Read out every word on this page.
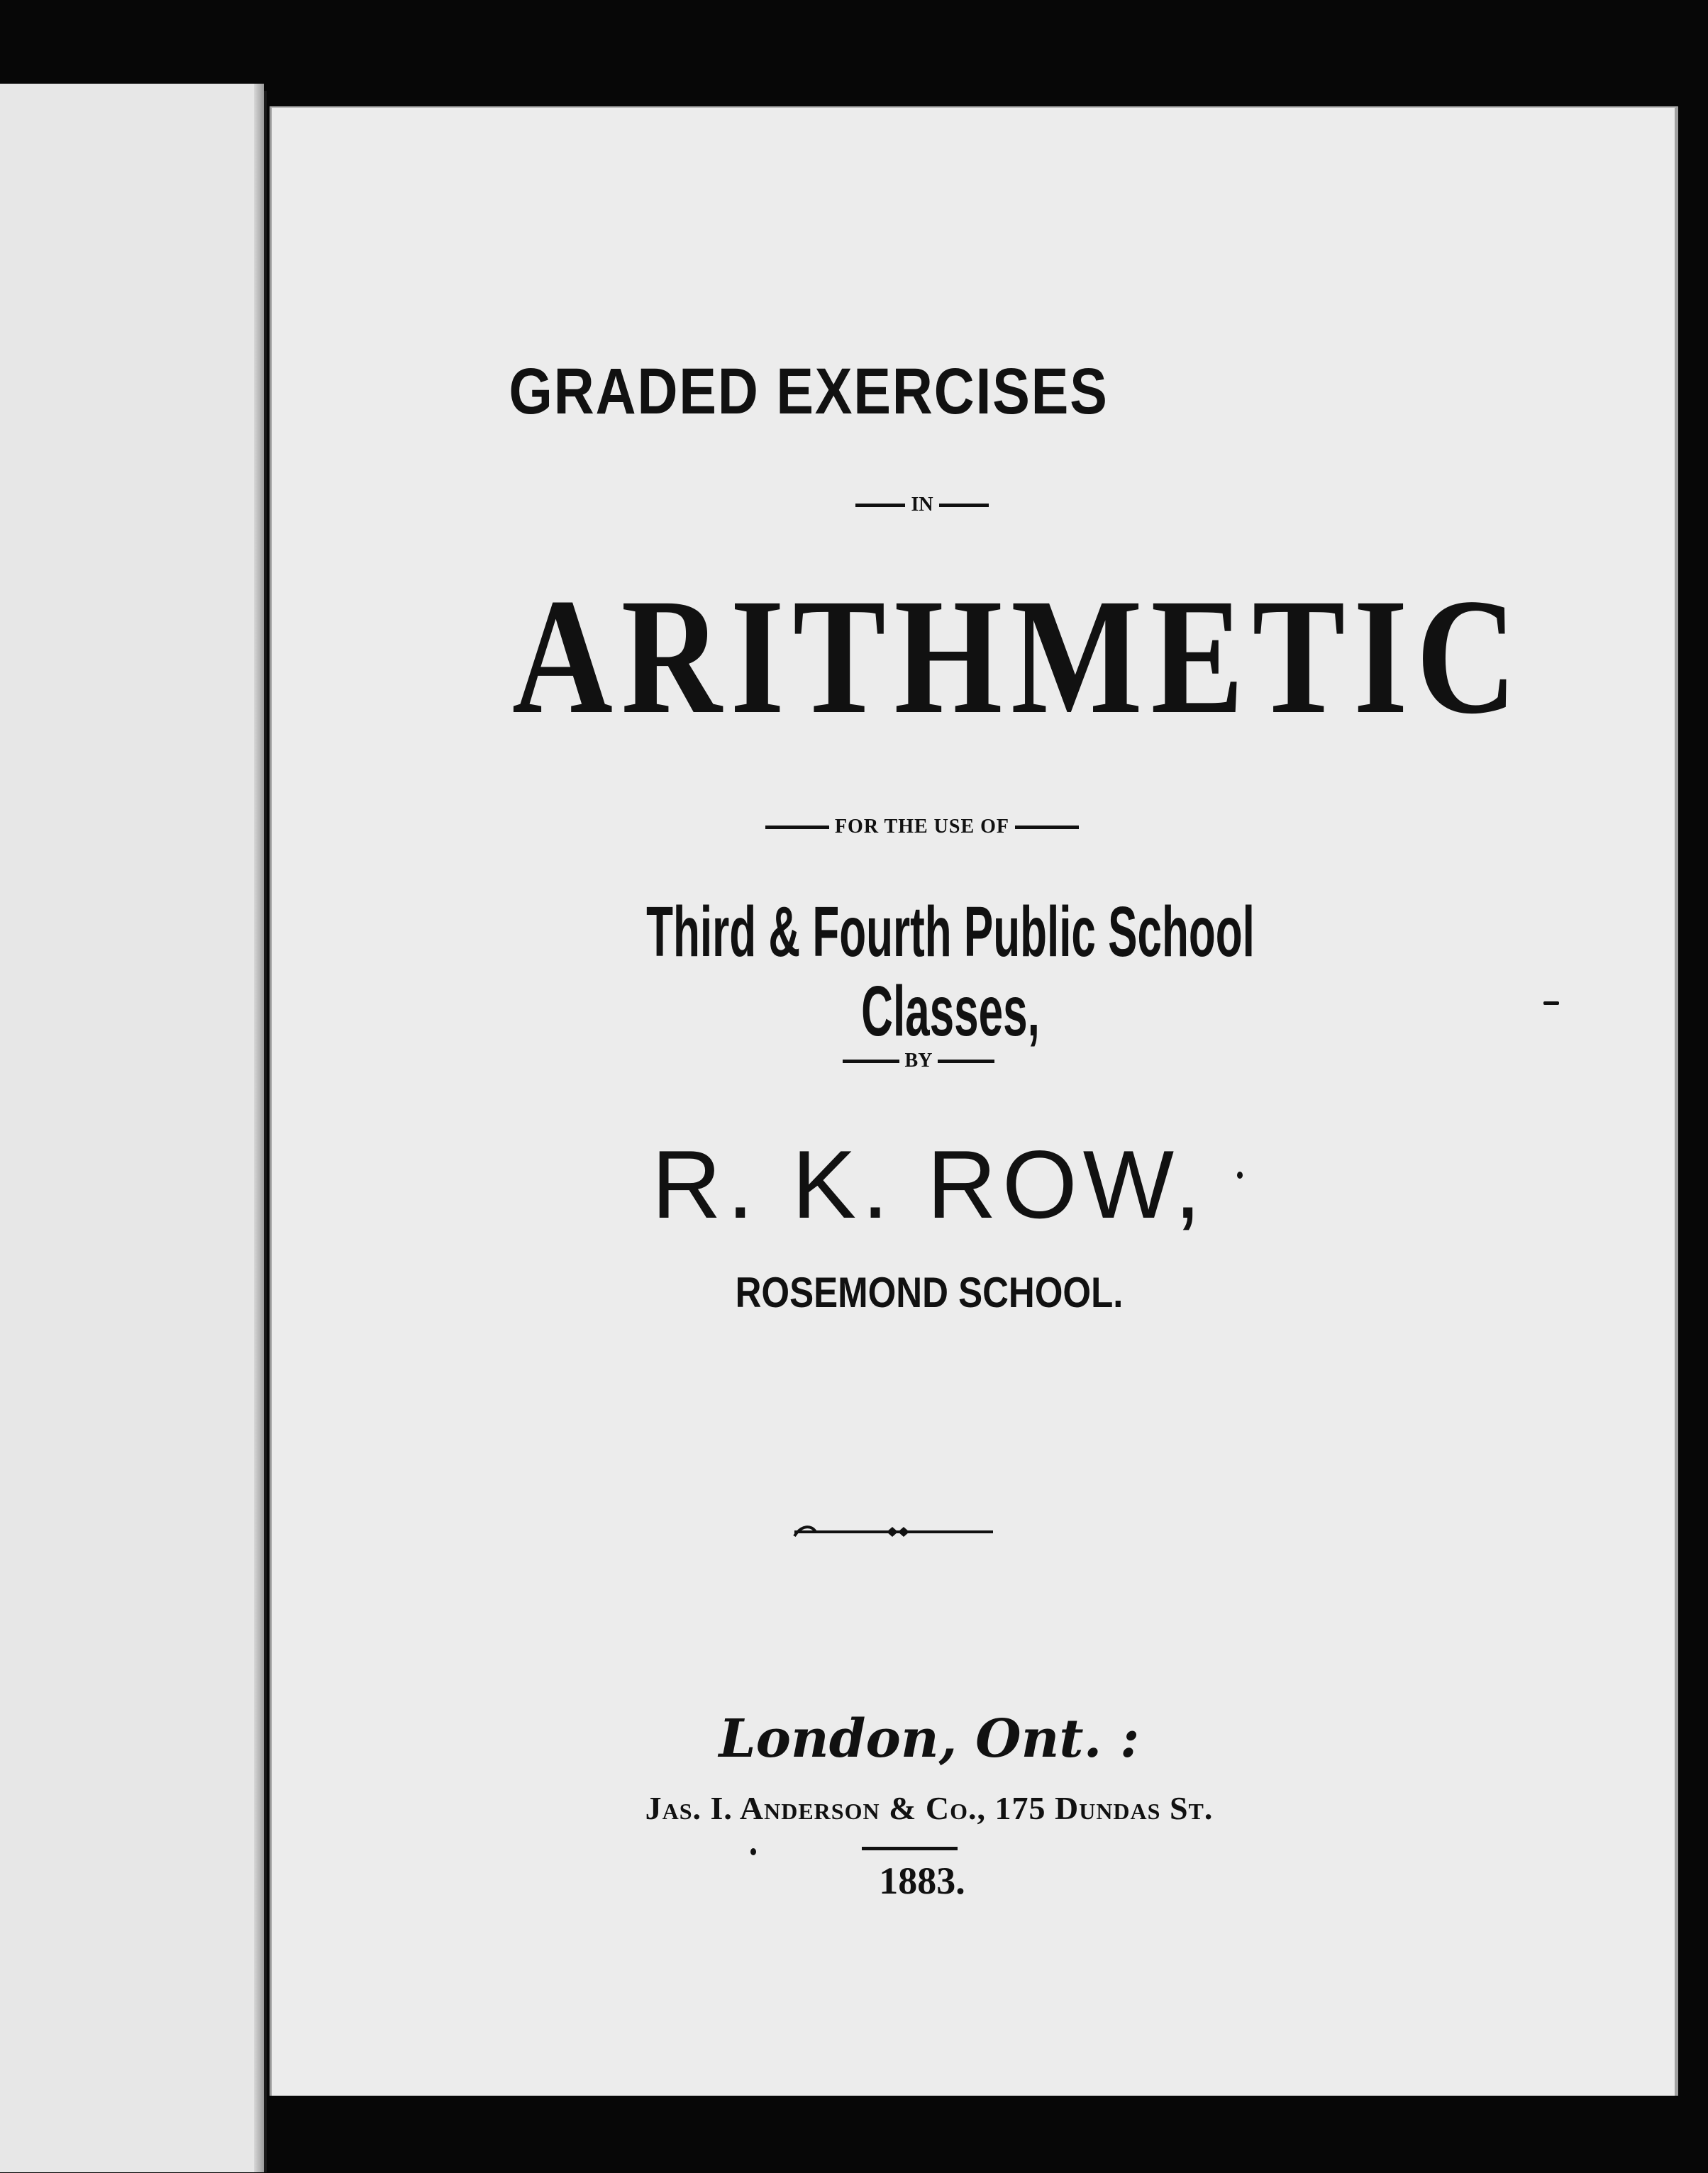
GRADED EXERCISES
IN
ARITHMETIC
FOR THE USE OF
Third & Fourth Public School Classes,
BY
R. K. ROW,
ROSEMOND SCHOOL.
London, Ont. :
Jas. I. Anderson & Co., 175 Dundas St.
1883.
